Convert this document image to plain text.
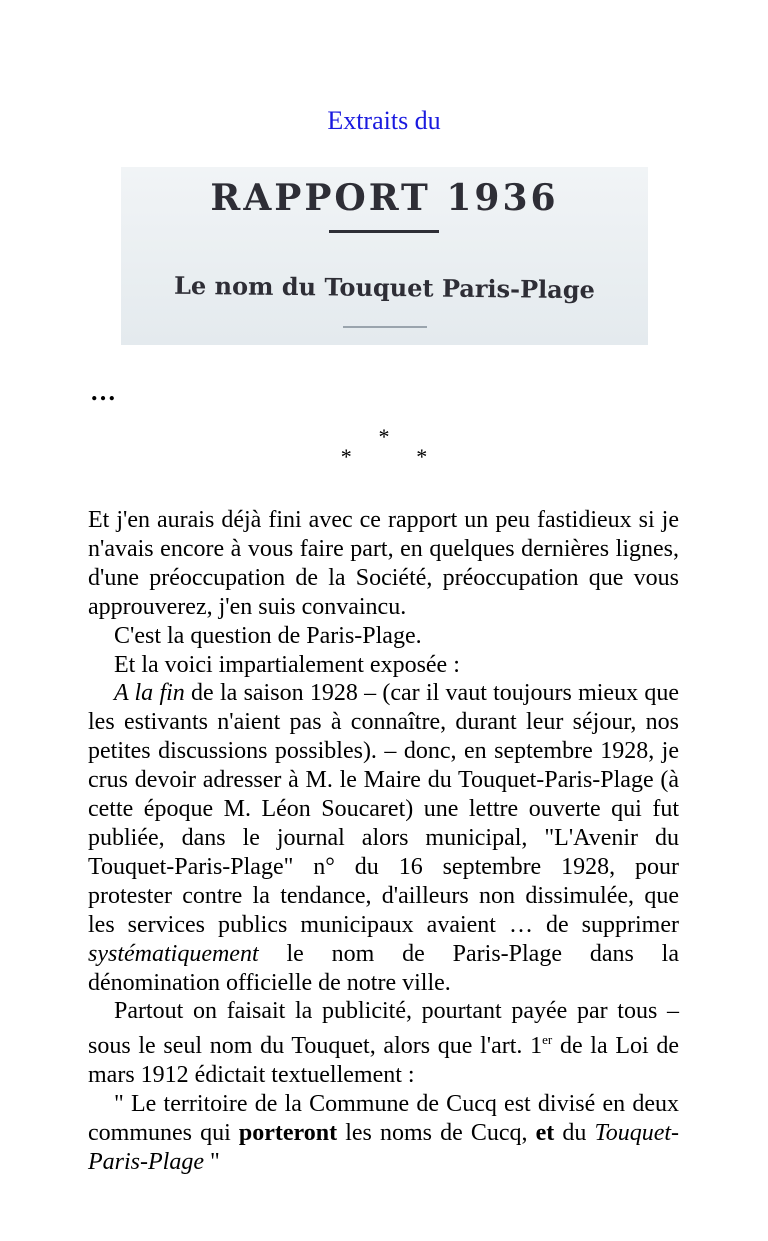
Extraits du
RAPPORT 1936
Le nom du Touquet Paris-Plage
…
*
*   *

Et j'en aurais déjà fini avec ce rapport un peu fastidieux si je n'avais encore à vous faire part, en quelques dernières lignes, d'une préoccupation de la Société, préoccupation que vous approuverez, j'en suis convaincu.

C'est la question de Paris-Plage.

Et la voici impartialement exposée :

A la fin de la saison 1928 – (car il vaut toujours mieux que les estivants n'aient pas à connaître, durant leur séjour, nos petites discussions possibles). – donc, en septembre 1928, je crus devoir adresser à M. le Maire du Touquet-Paris-Plage (à cette époque M. Léon Soucaret) une lettre ouverte qui fut publiée, dans le journal alors municipal, "L'Avenir du Touquet-Paris-Plage" n° du 16 septembre 1928, pour protester contre la tendance, d'ailleurs non dissimulée, que les services publics municipaux avaient … de supprimer systématiquement le nom de Paris-Plage dans la dénomination officielle de notre ville.

Partout on faisait la publicité, pourtant payée par tous – sous le seul nom du Touquet, alors que l'art. 1er de la Loi de mars 1912 édictait textuellement :

" Le territoire de la Commune de Cucq est divisé en deux communes qui porteront les noms de Cucq, et du Touquet-Paris-Plage "
